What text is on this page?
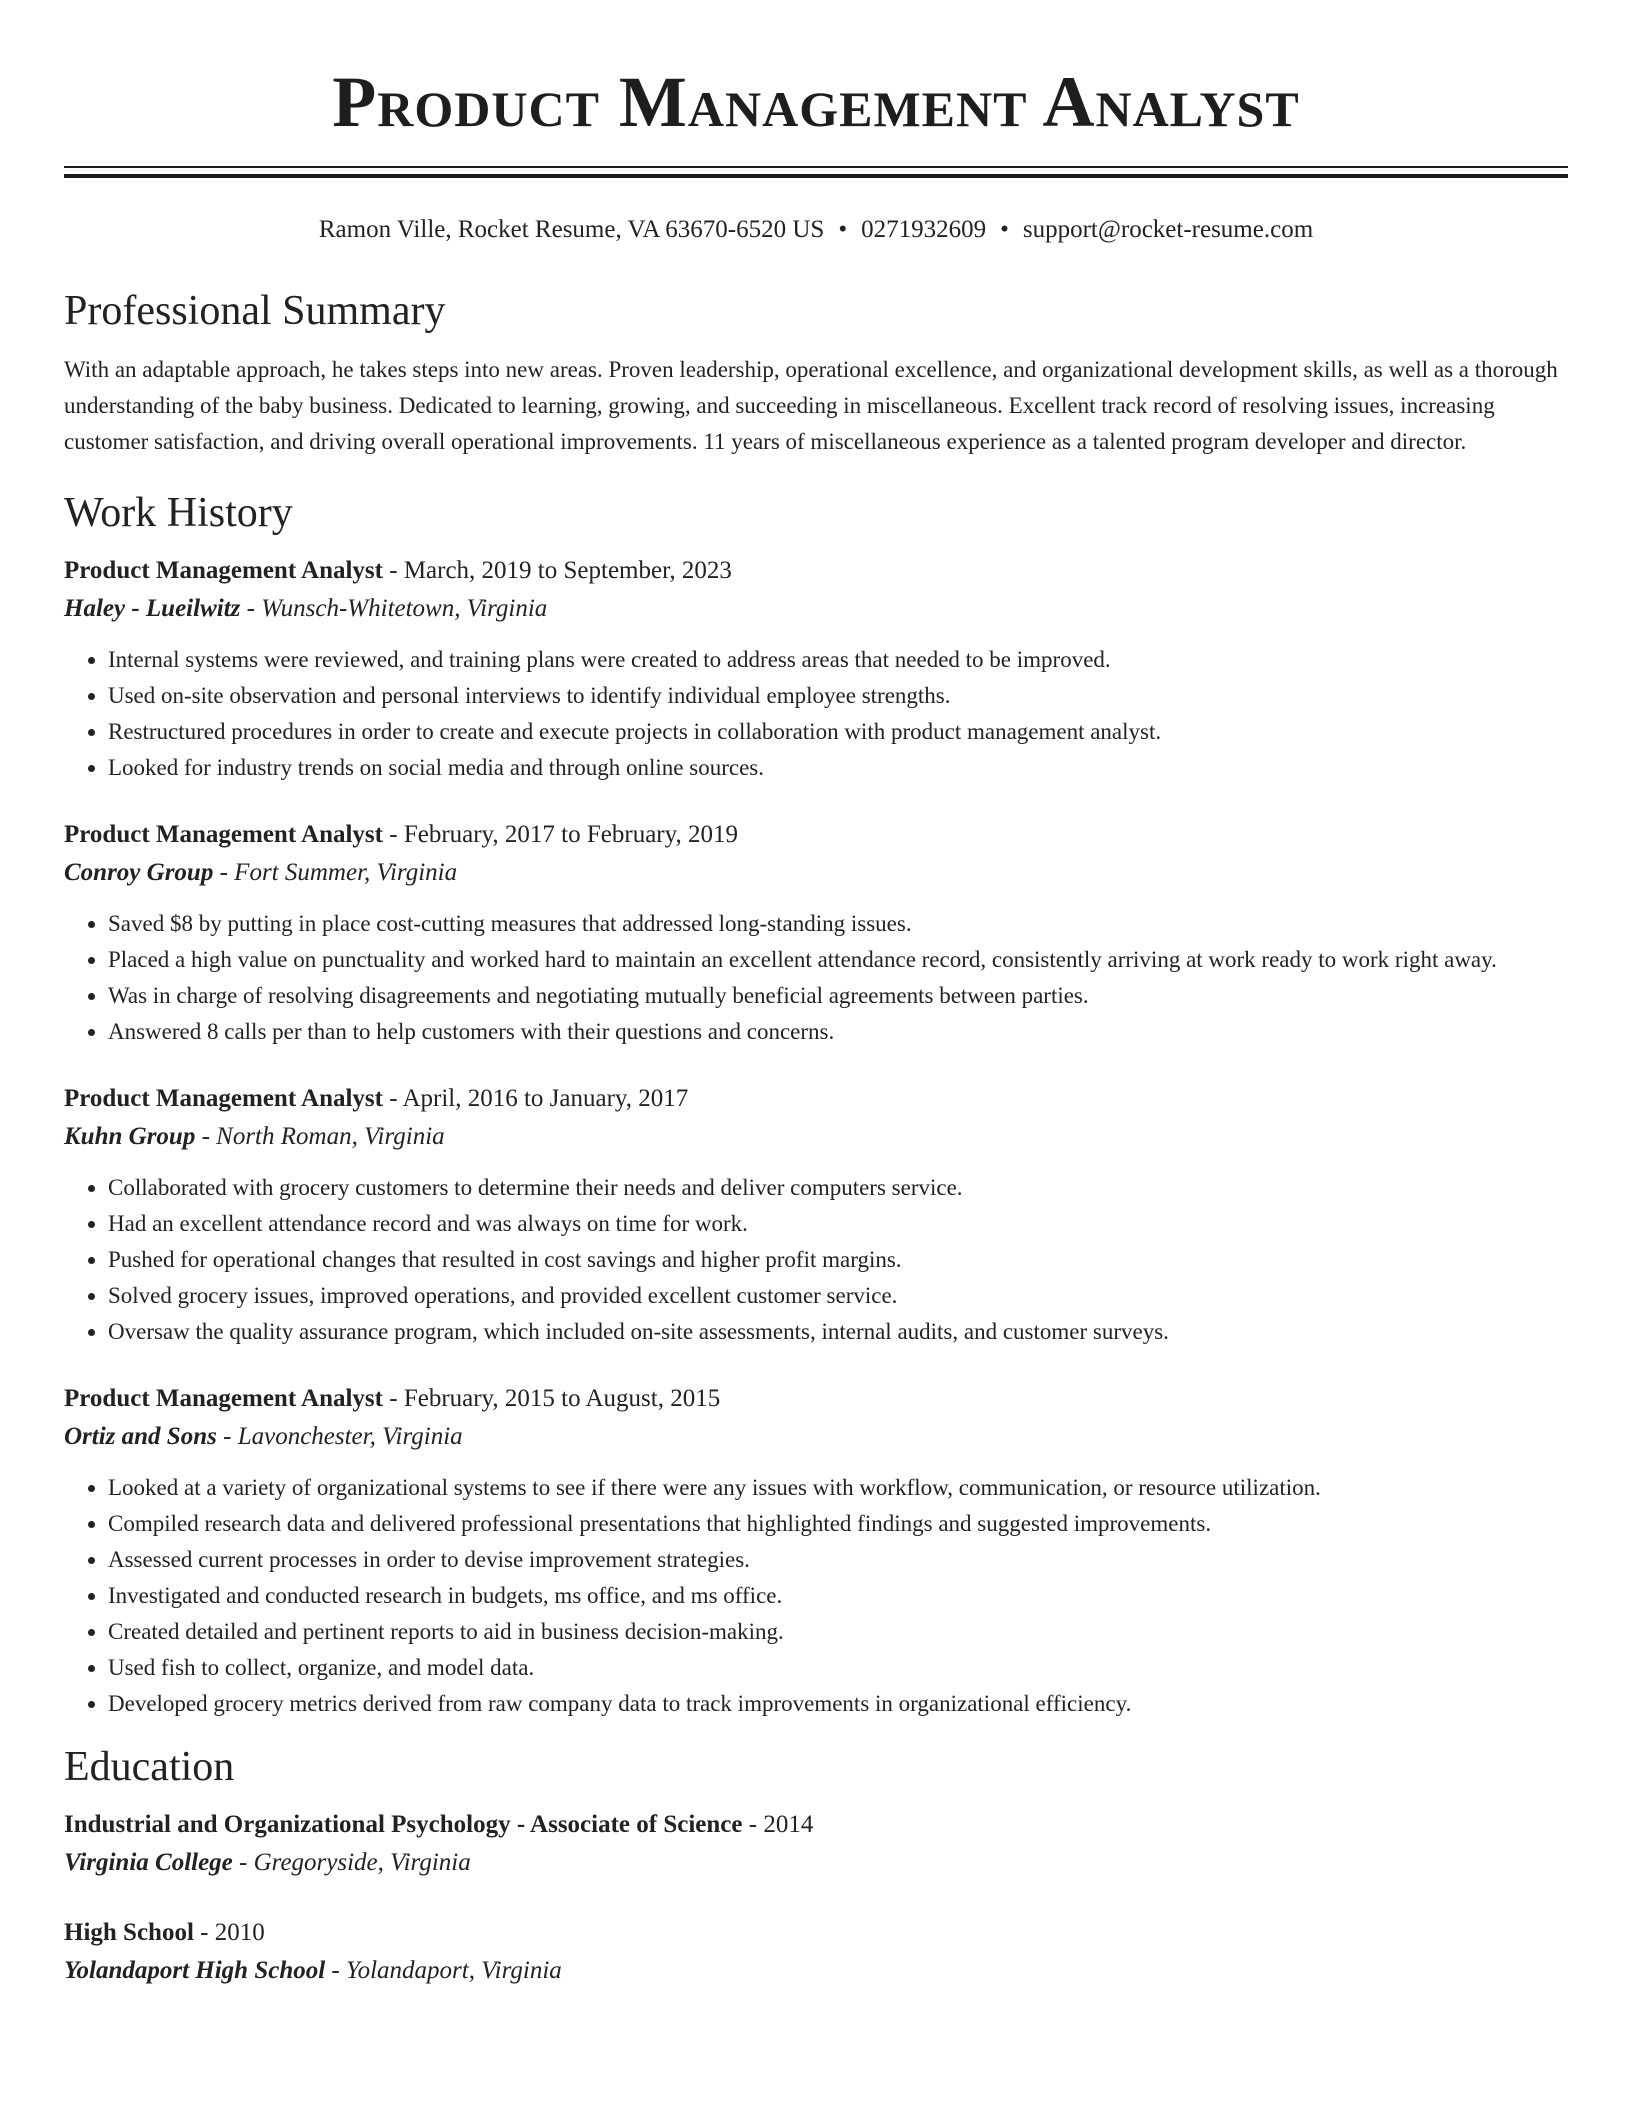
Product Management Analyst
Ramon Ville, Rocket Resume, VA 63670-6520 US • 0271932609 • support@rocket-resume.com
Professional Summary
With an adaptable approach, he takes steps into new areas. Proven leadership, operational excellence, and organizational development skills, as well as a thorough understanding of the baby business. Dedicated to learning, growing, and succeeding in miscellaneous. Excellent track record of resolving issues, increasing customer satisfaction, and driving overall operational improvements. 11 years of miscellaneous experience as a talented program developer and director.
Work History
Product Management Analyst - March, 2019 to September, 2023
Haley - Lueilwitz - Wunsch-Whitetown, Virginia
• Internal systems were reviewed, and training plans were created to address areas that needed to be improved.
• Used on-site observation and personal interviews to identify individual employee strengths.
• Restructured procedures in order to create and execute projects in collaboration with product management analyst.
• Looked for industry trends on social media and through online sources.
Product Management Analyst - February, 2017 to February, 2019
Conroy Group - Fort Summer, Virginia
• Saved $8 by putting in place cost-cutting measures that addressed long-standing issues.
• Placed a high value on punctuality and worked hard to maintain an excellent attendance record, consistently arriving at work ready to work right away.
• Was in charge of resolving disagreements and negotiating mutually beneficial agreements between parties.
• Answered 8 calls per than to help customers with their questions and concerns.
Product Management Analyst - April, 2016 to January, 2017
Kuhn Group - North Roman, Virginia
• Collaborated with grocery customers to determine their needs and deliver computers service.
• Had an excellent attendance record and was always on time for work.
• Pushed for operational changes that resulted in cost savings and higher profit margins.
• Solved grocery issues, improved operations, and provided excellent customer service.
• Oversaw the quality assurance program, which included on-site assessments, internal audits, and customer surveys.
Product Management Analyst - February, 2015 to August, 2015
Ortiz and Sons - Lavonchester, Virginia
• Looked at a variety of organizational systems to see if there were any issues with workflow, communication, or resource utilization.
• Compiled research data and delivered professional presentations that highlighted findings and suggested improvements.
• Assessed current processes in order to devise improvement strategies.
• Investigated and conducted research in budgets, ms office, and ms office.
• Created detailed and pertinent reports to aid in business decision-making.
• Used fish to collect, organize, and model data.
• Developed grocery metrics derived from raw company data to track improvements in organizational efficiency.
Education
Industrial and Organizational Psychology - Associate of Science - 2014
Virginia College - Gregoryside, Virginia
High School - 2010
Yolandaport High School - Yolandaport, Virginia
